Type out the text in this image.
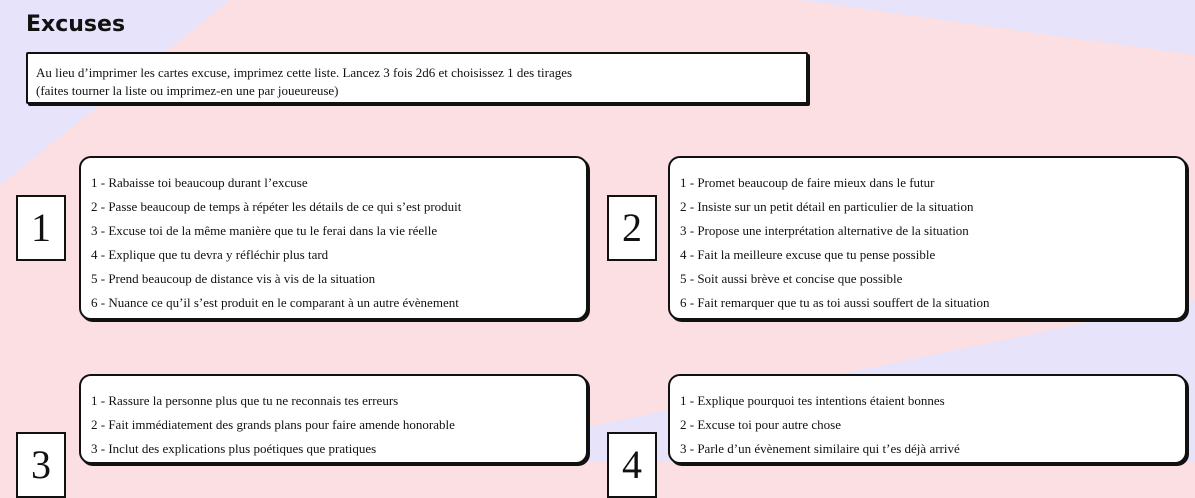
Excuses
Au lieu d’imprimer les cartes excuse, imprimez cette liste. Lancez 3 fois 2d6 et choisissez 1 des tirages
(faites tourner la liste ou imprimez-en une par joueureuse)
1
1 - Rabaisse toi beaucoup durant l’excuse
2 - Passe beaucoup de temps à répéter les détails de ce qui s’est produit
3 - Excuse toi de la même manière que tu le ferai dans la vie réelle
4 - Explique que tu devra y réfléchir plus tard
5 - Prend beaucoup de distance vis à vis de la situation
6 - Nuance ce qu’il s’est produit en le comparant à un autre évènement
2
1 - Promet beaucoup de faire mieux dans le futur
2 - Insiste sur un petit détail en particulier de la situation
3 - Propose une interprétation alternative de la situation
4 - Fait la meilleure excuse que tu pense possible
5 - Soit aussi brève et concise que possible
6 - Fait remarquer que tu as toi aussi souffert de la situation
3
1 - Rassure la personne plus que tu ne reconnais tes erreurs
2 - Fait immédiatement des grands plans pour faire amende honorable
3 - Inclut des explications plus poétiques que pratiques	4
1 - Explique pourquoi tes intentions étaient bonnes
2 - Excuse toi pour autre chose
3 - Parle d’un évènement similaire qui t’es déjà arrivé
